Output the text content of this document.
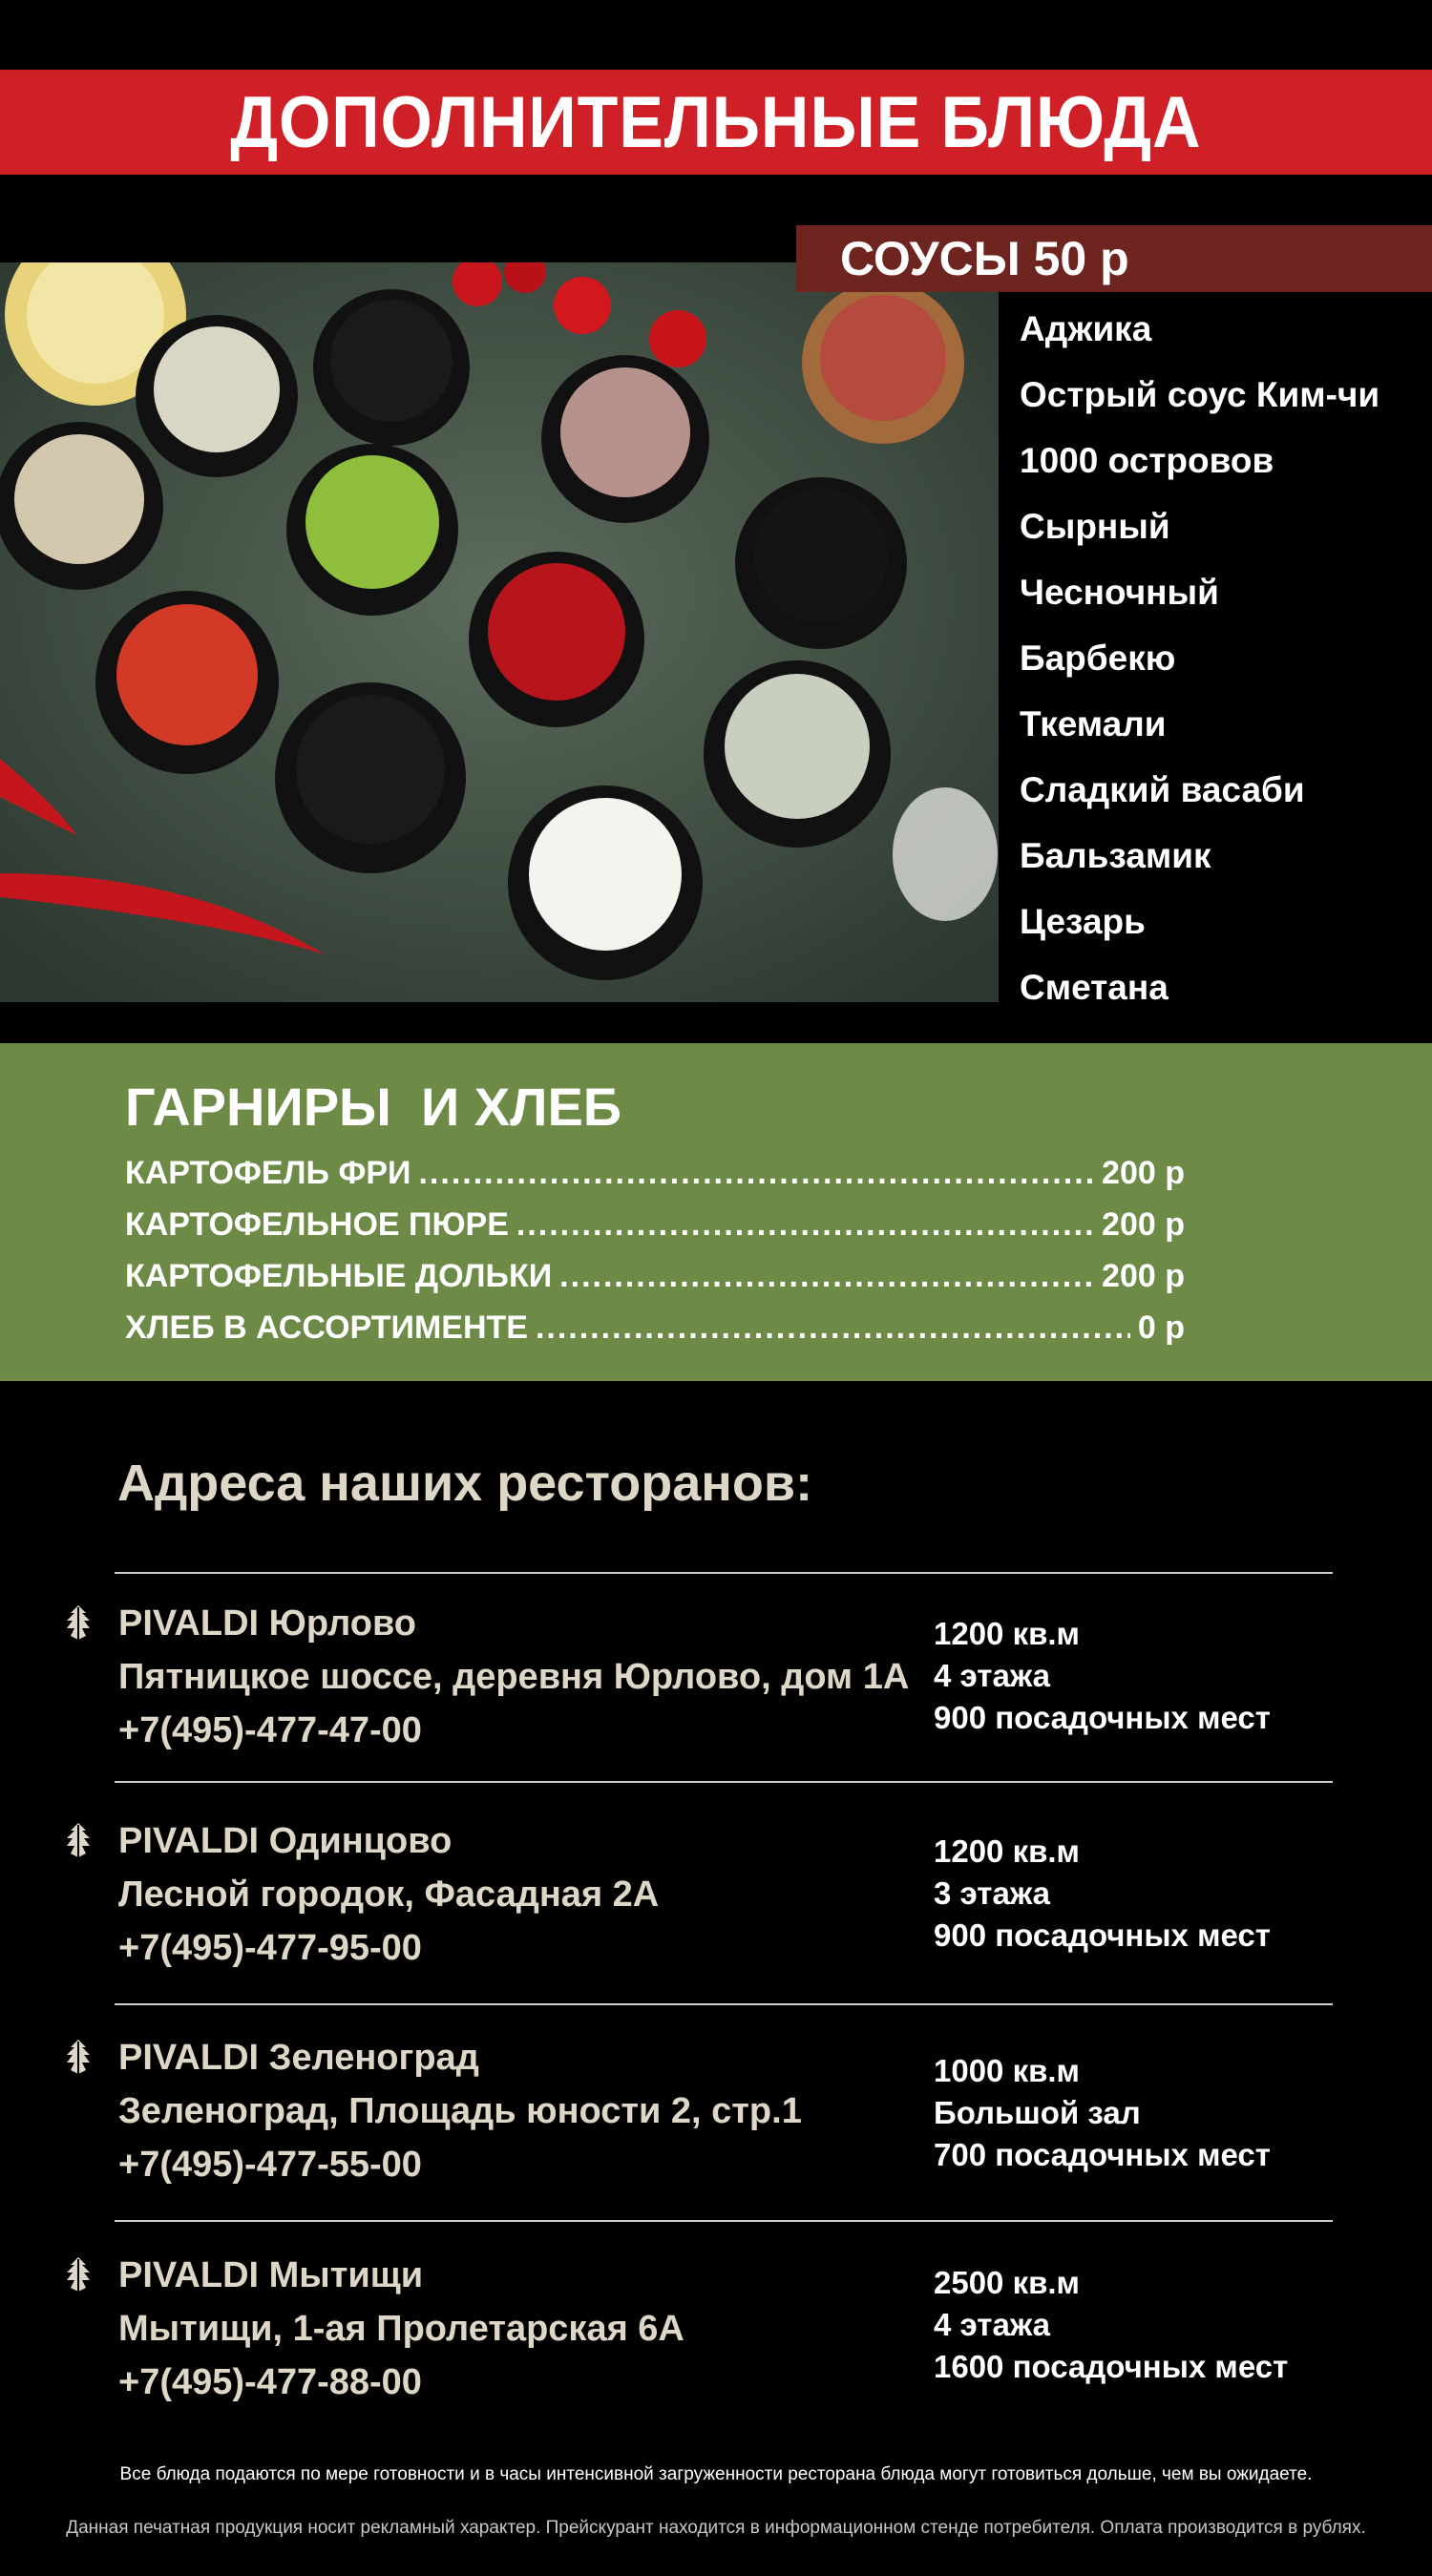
ДОПОЛНИТЕЛЬНЫЕ БЛЮДА
СОУСЫ 50 р
Аджика
Острый соус Ким-чи
1000 островов
Сырный
Чесночный
Барбекю
Ткемали
Сладкий васаби
Бальзамик
Цезарь
Сметана
ГАРНИРЫ  И ХЛЕБ
КАРТОФЕЛЬ ФРИ .....	200 р
КАРТОФЕЛЬНОЕ ПЮРЕ .....	200 р
КАРТОФЕЛЬНЫЕ ДОЛЬКИ .....	200 р
ХЛЕБ В АССОРТИМЕНТЕ .....	0 р
Адреса наших ресторанов:
PIVALDI Юрлово
Пятницкое шоссе, деревня Юрлово, дом 1А
+7(495)-477-47-00
1200 кв.м
4 этажа
900 посадочных мест
PIVALDI Одинцово
Лесной городок, Фасадная 2А
+7(495)-477-95-00
1200 кв.м
3 этажа
900 посадочных мест
PIVALDI Зеленоград
Зеленоград, Площадь юности 2, стр.1
+7(495)-477-55-00
1000 кв.м
Большой зал
700 посадочных мест
PIVALDI Мытищи
Мытищи, 1-ая Пролетарская 6А
+7(495)-477-88-00
2500 кв.м
4 этажа
1600 посадочных мест
Все блюда подаются по мере готовности и в часы интенсивной загруженности ресторана блюда могут готовиться дольше, чем вы ожидаете.
Данная печатная продукция носит рекламный характер. Прейскурант находится в информационном стенде потребителя. Оплата производится в рублях.
